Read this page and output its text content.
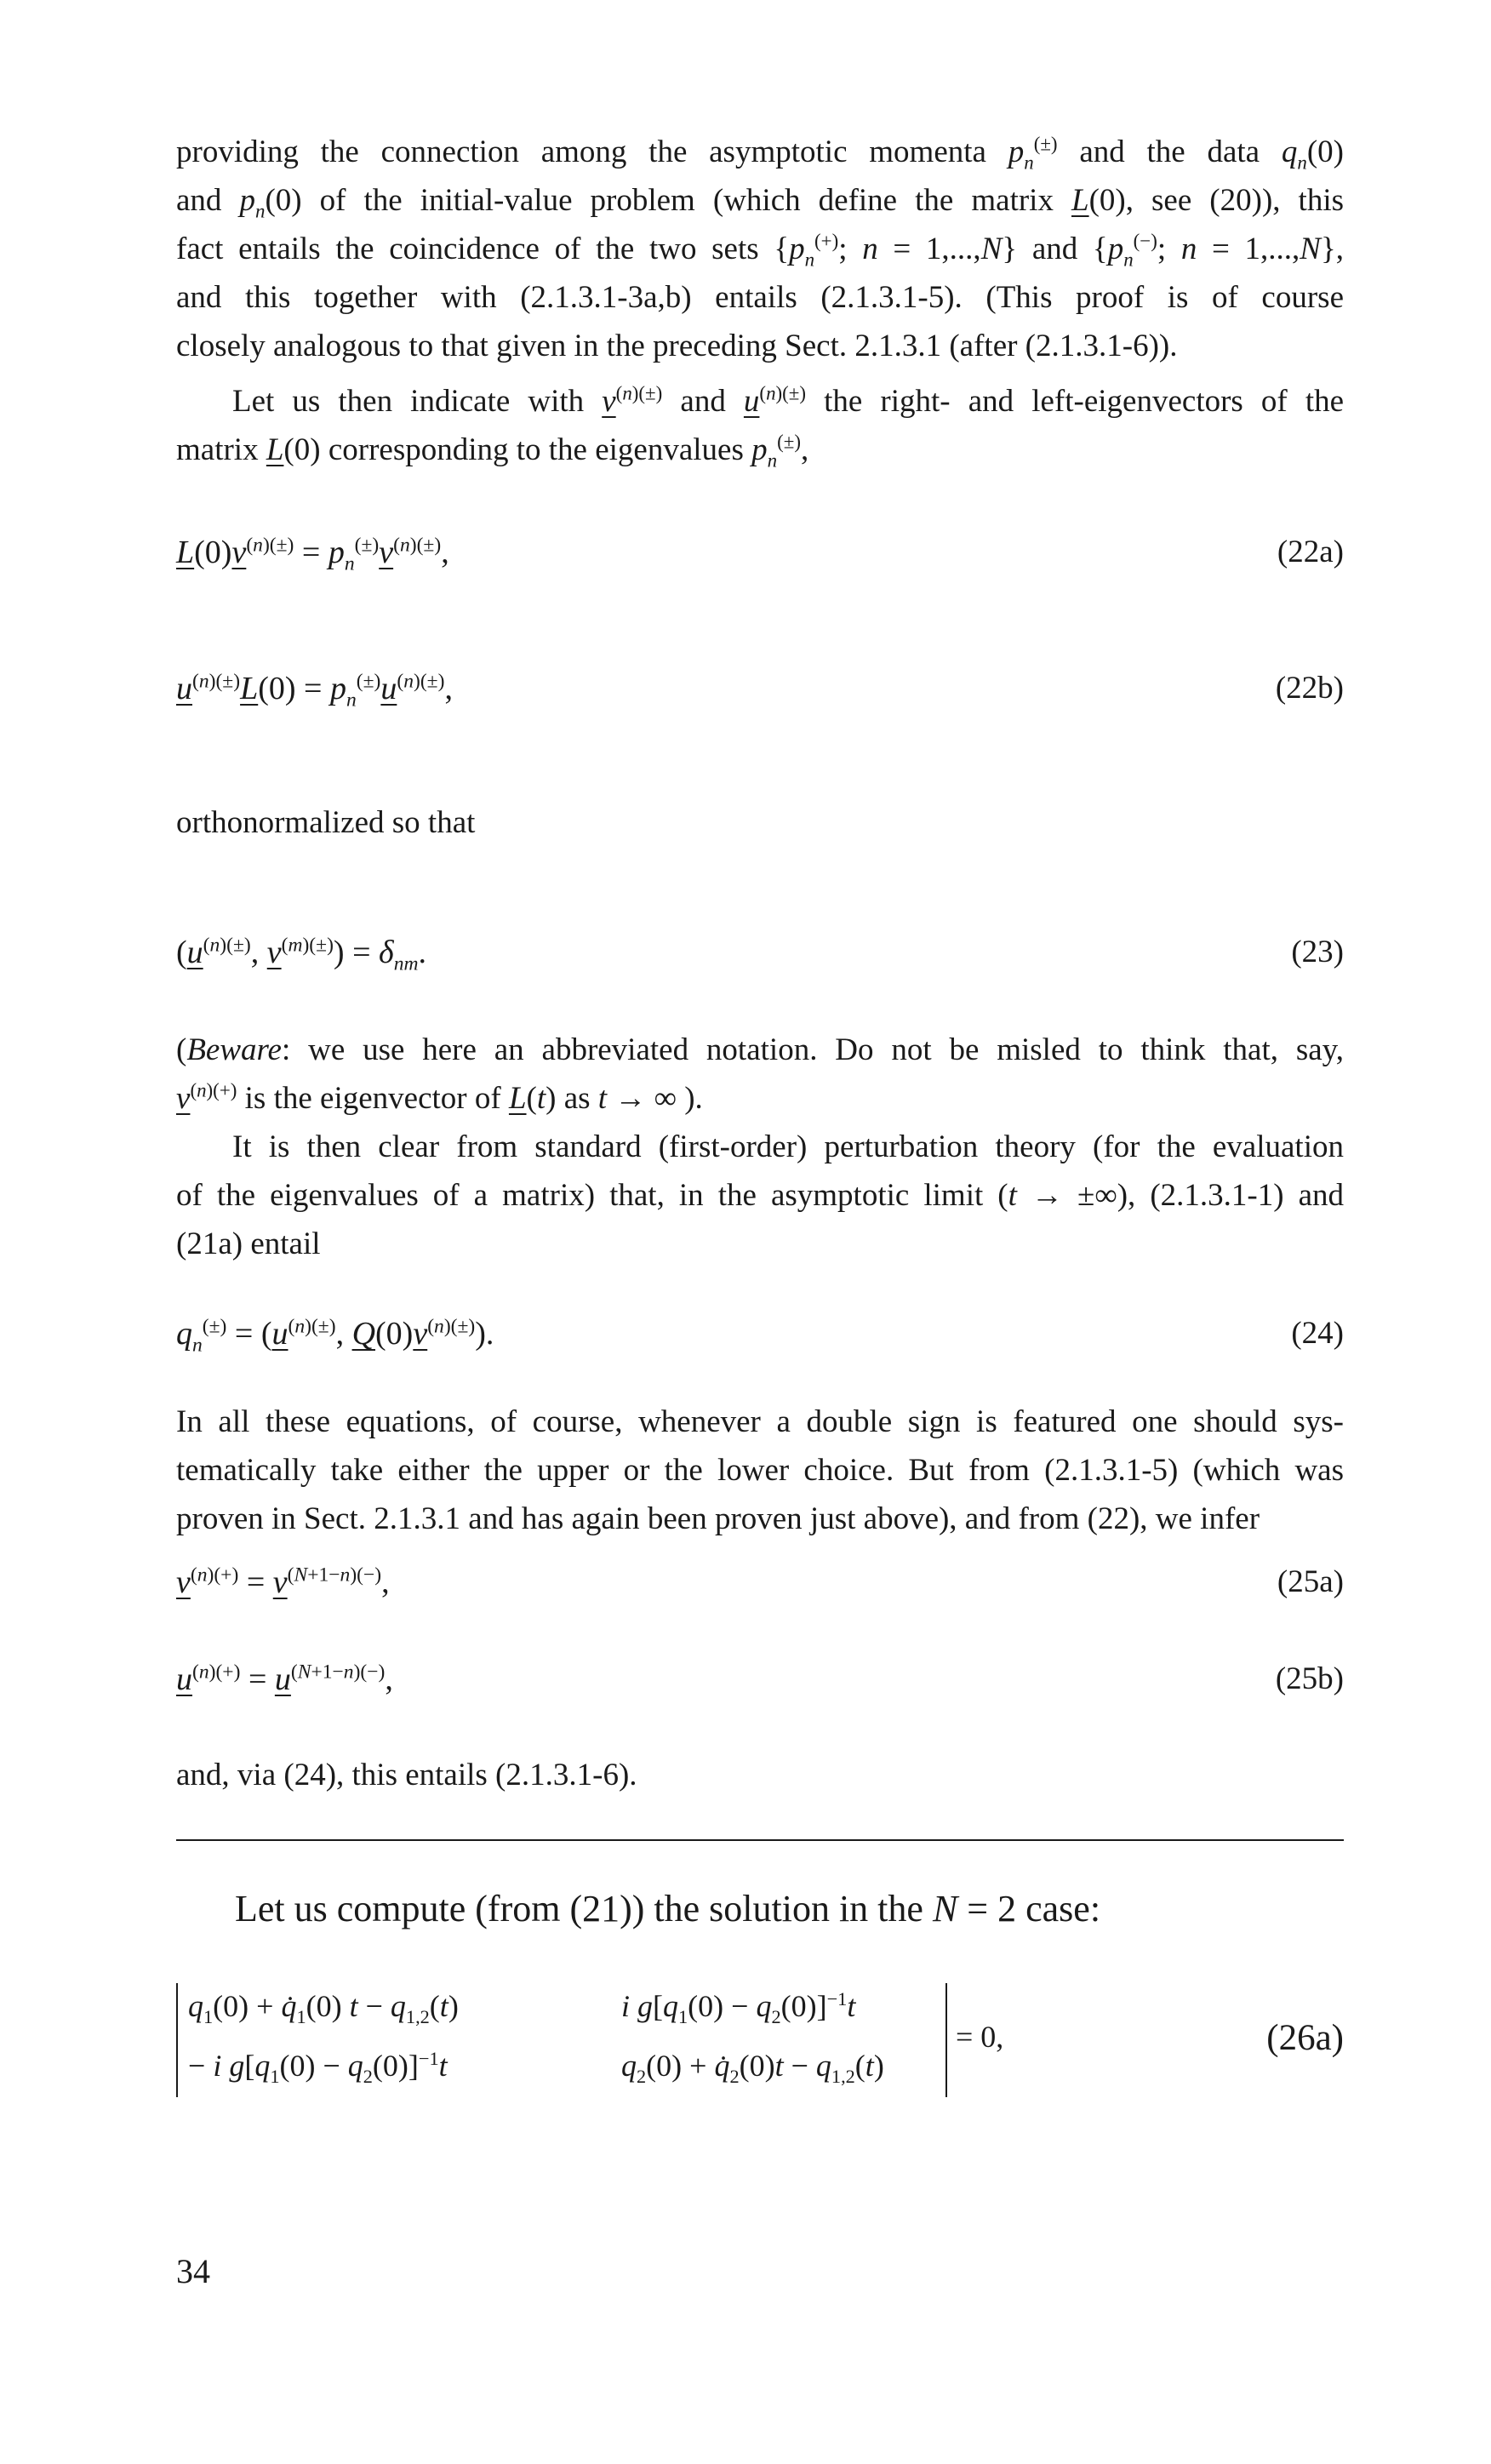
providing the connection among the asymptotic momenta $p_n^{(\pm)}$ and the data $q_n(0)$
and $p_n(0)$ of the initial-value problem (which define the matrix L(0), see (20)), this
fact entails the coincidence of the two sets {$p_n^{(+)}$; n = 1,...,N} and {$p_n^{(-)}$; n = 1,...,N},
and this together with (2.1.3.1-3a,b) entails (2.1.3.1-5). (This proof is of course
closely analogous to that given in the preceding Sect. 2.1.3.1 (after (2.1.3.1-6)).
Let us then indicate with $v^{(n)(\pm)}$ and $u^{(n)(\pm)}$ the right- and left-eigenvectors of the
matrix L(0) corresponding to the eigenvalues $p_n^{(\pm)}$,
$L(0)v^{(n)(\pm)} = p_n^{(\pm)}v^{(n)(\pm)}$,	(22a)
$u^{(n)(\pm)}L(0) = p_n^{(\pm)}u^{(n)(\pm)}$,	(22b)
orthonormalized so that
($u^{(n)(\pm)}$, $v^{(m)(\pm)}) = \delta_{nm}$.	(23)
(Beware: we use here an abbreviated notation. Do not be misled to think that, say,
$v^{(n)(+)}$ is the eigenvector of L(t) as t → ∞ ).
It is then clear from standard (first-order) perturbation theory (for the evaluation
of the eigenvalues of a matrix) that, in the asymptotic limit (t → ±∞), (2.1.3.1-1) and
(21a) entail
$q_n^{(\pm)} = (u^{(n)(\pm)}$, $Q(0)v^{(n)(\pm)}$).	(24)
In all these equations, of course, whenever a double sign is featured one should sys-
tematically take either the upper or the lower choice. But from (2.1.3.1-5) (which was
proven in Sect. 2.1.3.1 and has again been proven just above), and from (22), we infer
$v^{(n)(+)} = v^{(N+1-n)(-)}$,	(25a)
$u^{(n)(+)} = u^{(N+1-n)(-)}$,	(25b)
and, via (24), this entails (2.1.3.1-6).
Let us compute (from (21)) the solution in the N = 2 case:
$q_1(0)$ + $q̇_1(0) t - q_{1,2}(t)$	i $g[q_1(0) - q_2(0)]^{-1}t$
− i $g[q_1(0) - q_2(0)]^{-1}t$	$q_2(0)$ + $q̇_2(0)t - q_{1,2}(t)$
= 0,	(26a)
34
